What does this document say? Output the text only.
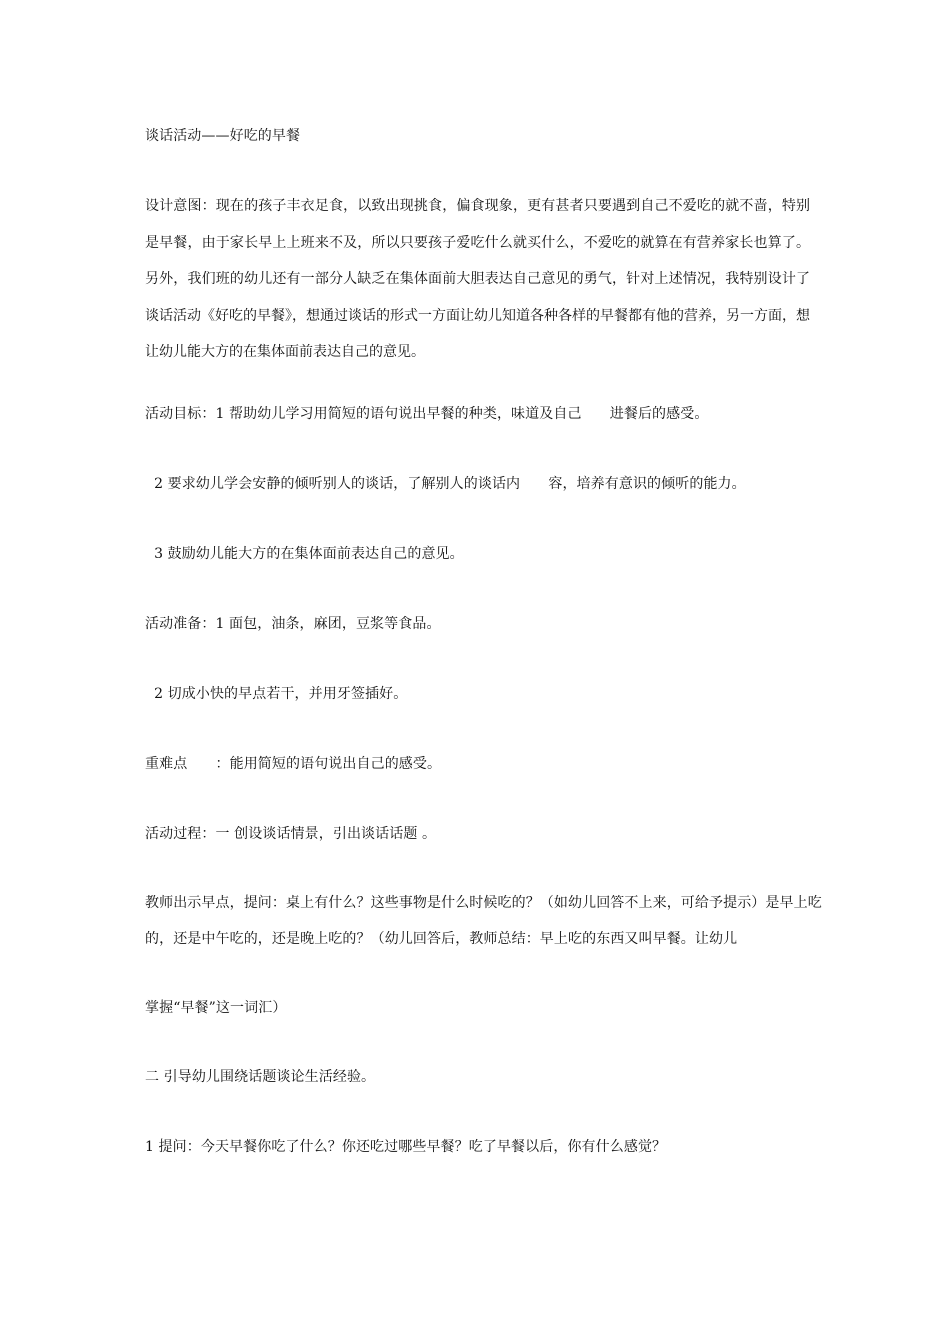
谈话活动——好吃的早餐
设计意图：现在的孩子丰衣足食，以致出现挑食，偏食现象，更有甚者只要遇到自己不爱吃的就不啬，特别是早餐，由于家长早上上班来不及，所以只要孩子爱吃什么就买什么，不爱吃的就算在有营养家长也算了。另外，我们班的幼儿还有一部分人缺乏在集体面前大胆表达自己意见的勇气，针对上述情况，我特别设计了谈话活动《好吃的早餐》，想通过谈话的形式一方面让幼儿知道各种各样的早餐都有他的营养，另一方面，想让幼儿能大方的在集体面前表达自己的意见。
活动目标：1 帮助幼儿学习用简短的语句说出早餐的种类，味道及自己　　进餐后的感受。
2 要求幼儿学会安静的倾听别人的谈话，了解别人的谈话内　　容，培养有意识的倾听的能力。
3 鼓励幼儿能大方的在集体面前表达自己的意见。
活动准备：1 面包，油条，麻团，豆浆等食品。
2 切成小快的早点若干，并用牙签插好。
重难点　　：能用简短的语句说出自己的感受。
活动过程：一 创设谈话情景，引出谈话话题 。
教师出示早点，提问：桌上有什么？这些事物是什么时候吃的？（如幼儿回答不上来，可给予提示）是早上吃
的，还是中午吃的，还是晚上吃的？（幼儿回答后，教师总结：早上吃的东西又叫早餐。让幼儿
掌握“早餐”这一词汇）
二 引导幼儿围绕话题谈论生活经验。
1 提问：今天早餐你吃了什么？你还吃过哪些早餐？吃了早餐以后，你有什么感觉？
